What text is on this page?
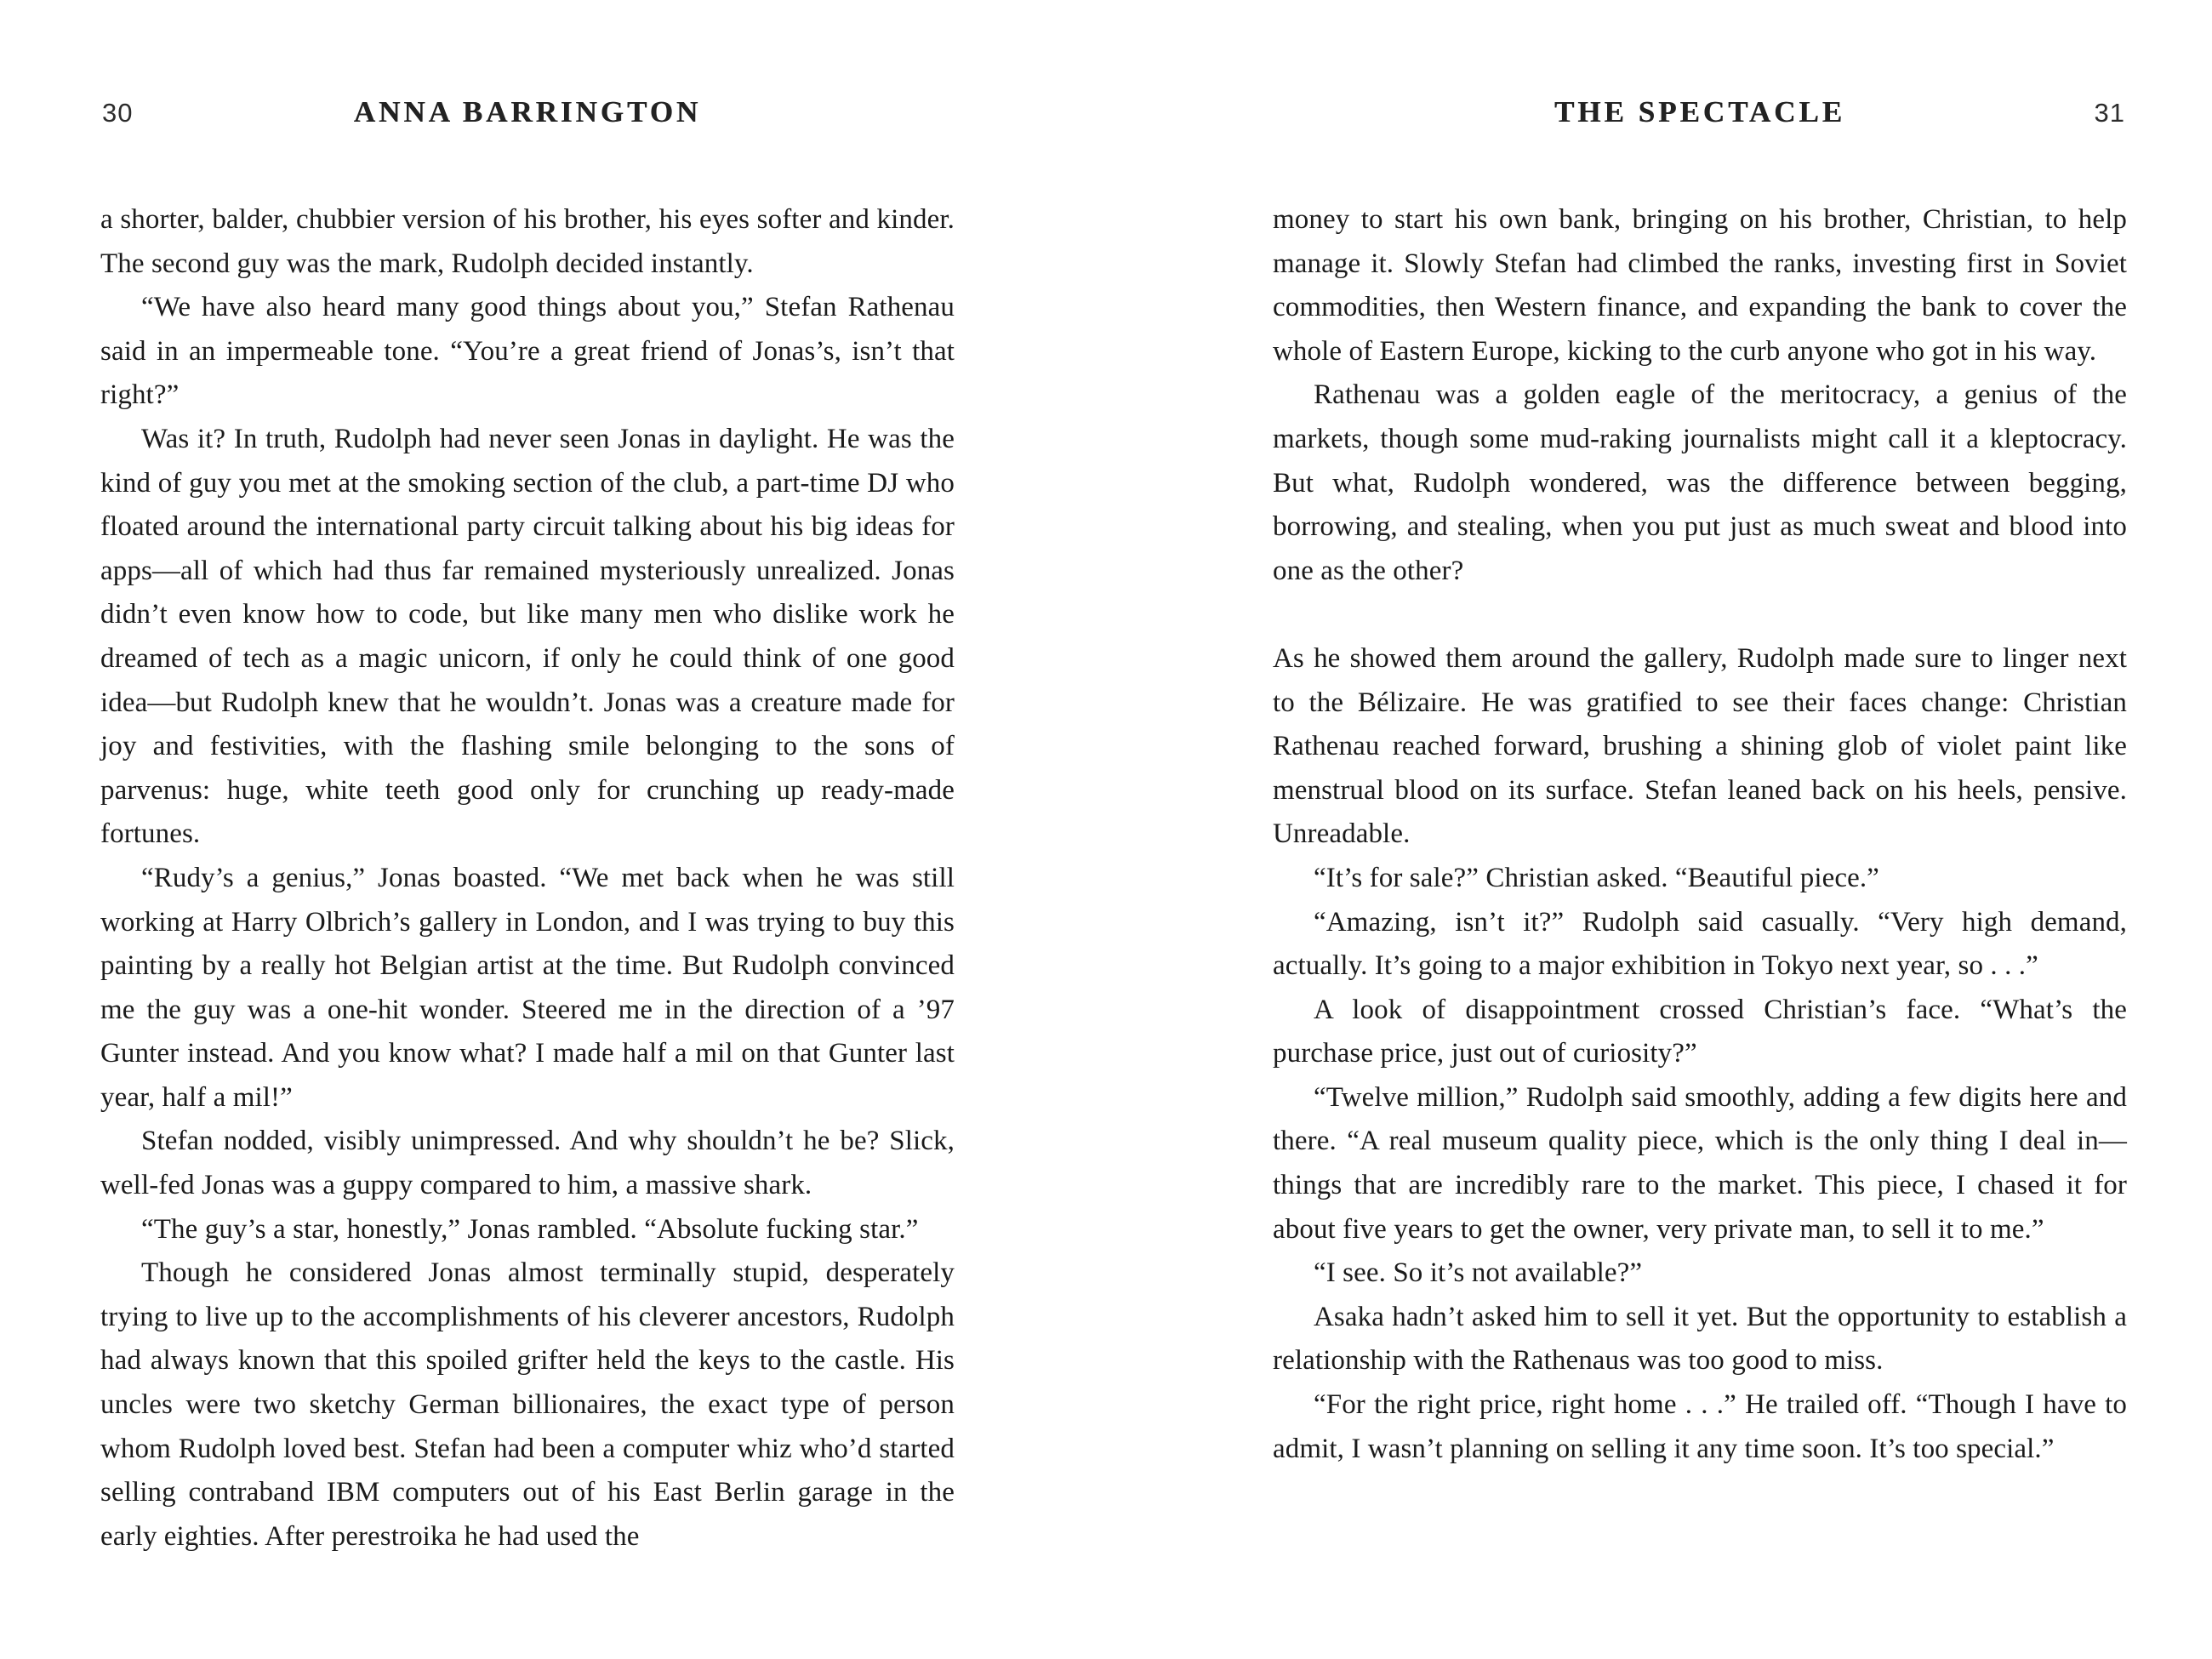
30	ANNA BARRINGTON

a shorter, balder, chubbier version of his brother, his eyes softer and kinder. The second guy was the mark, Rudolph decided instantly.

“We have also heard many good things about you,” Stefan Rathenau said in an impermeable tone. “You’re a great friend of Jonas’s, isn’t that right?”

Was it? In truth, Rudolph had never seen Jonas in daylight. He was the kind of guy you met at the smoking section of the club, a part-time DJ who floated around the international party circuit talking about his big ideas for apps—all of which had thus far remained mysteriously unrealized. Jonas didn’t even know how to code, but like many men who dislike work he dreamed of tech as a magic unicorn, if only he could think of one good idea—but Rudolph knew that he wouldn’t. Jonas was a creature made for joy and festivities, with the flashing smile belonging to the sons of parvenus: huge, white teeth good only for crunching up ready-made fortunes.

“Rudy’s a genius,” Jonas boasted. “We met back when he was still working at Harry Olbrich’s gallery in London, and I was trying to buy this painting by a really hot Belgian artist at the time. But Rudolph convinced me the guy was a one-hit wonder. Steered me in the direction of a ’97 Gunter instead. And you know what? I made half a mil on that Gunter last year, half a mil!”

Stefan nodded, visibly unimpressed. And why shouldn’t he be? Slick, well-fed Jonas was a guppy compared to him, a massive shark.

“The guy’s a star, honestly,” Jonas rambled. “Absolute fucking star.”

Though he considered Jonas almost terminally stupid, desperately trying to live up to the accomplishments of his cleverer ancestors, Rudolph had always known that this spoiled grifter held the keys to the castle. His uncles were two sketchy German billionaires, the exact type of person whom Rudolph loved best. Stefan had been a computer whiz who’d started selling contraband IBM computers out of his East Berlin garage in the early eighties. After perestroika he had used the

THE SPECTACLE	31

money to start his own bank, bringing on his brother, Christian, to help manage it. Slowly Stefan had climbed the ranks, investing first in Soviet commodities, then Western finance, and expanding the bank to cover the whole of Eastern Europe, kicking to the curb anyone who got in his way.

Rathenau was a golden eagle of the meritocracy, a genius of the markets, though some mud-raking journalists might call it a kleptocracy. But what, Rudolph wondered, was the difference between begging, borrowing, and stealing, when you put just as much sweat and blood into one as the other?

As he showed them around the gallery, Rudolph made sure to linger next to the Bélizaire. He was gratified to see their faces change: Christian Rathenau reached forward, brushing a shining glob of violet paint like menstrual blood on its surface. Stefan leaned back on his heels, pensive. Unreadable.

“It’s for sale?” Christian asked. “Beautiful piece.”

“Amazing, isn’t it?” Rudolph said casually. “Very high demand, actually. It’s going to a major exhibition in Tokyo next year, so . . .”

A look of disappointment crossed Christian’s face. “What’s the purchase price, just out of curiosity?”

“Twelve million,” Rudolph said smoothly, adding a few digits here and there. “A real museum quality piece, which is the only thing I deal in—things that are incredibly rare to the market. This piece, I chased it for about five years to get the owner, very private man, to sell it to me.”

“I see. So it’s not available?”

Asaka hadn’t asked him to sell it yet. But the opportunity to establish a relationship with the Rathenaus was too good to miss.

“For the right price, right home . . .” He trailed off. “Though I have to admit, I wasn’t planning on selling it any time soon. It’s too special.”
